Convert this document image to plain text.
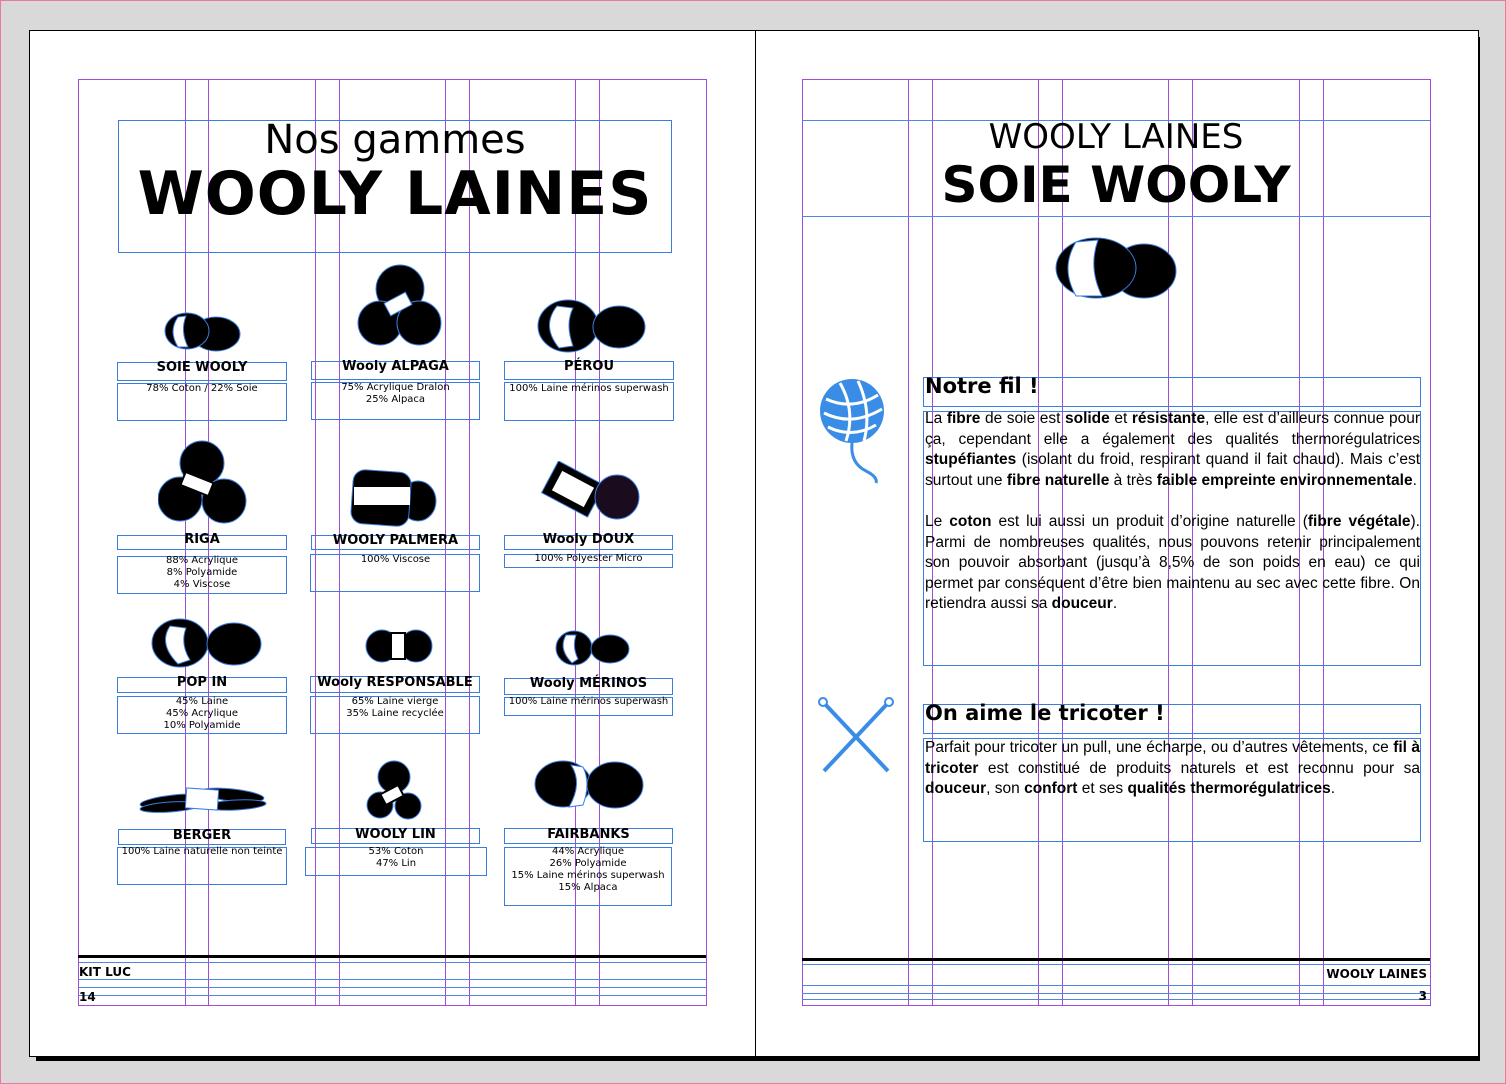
Nos gammes
WOOLY LAINES
SOIE WOOLY
78% Coton / 22% Soie
Wooly ALPAGA
75% Acrylique Dralon
25% Alpaca
PÉROU
100% Laine mérinos superwash
RIGA
88% Acrylique
8% Polyamide
4% Viscose
WOOLY PALMERA
100% Viscose
Wooly DOUX
100% Polyester Micro
POP IN
45% Laine
45% Acrylique
10% Polyamide
Wooly RESPONSABLE
65% Laine vierge
35% Laine recyclée
Wooly MÉRINOS
100% Laine mérinos superwash
BERGER
100% Laine naturelle non teinte
WOOLY LIN
53% Coton
47% Lin
FAIRBANKS
44% Acrylique
26% Polyamide
15% Laine mérinos superwash
15% Alpaca
KIT LUC
14
WOOLY LAINES
SOIE WOOLY
Notre fil !

La fibre de soie est solide et résistante, elle est d’ailleurs connue pour ça, cependant elle a également des qualités thermorégulatrices stupéfiantes (isolant du froid, respirant quand il fait chaud). Mais c’est surtout une fibre naturelle à très faible empreinte environnementale.

Le coton est lui aussi un produit d’origine naturelle (fibre végétale). Parmi de nombreuses qualités, nous pouvons retenir principalement son pouvoir absorbant (jusqu’à 8,5% de son poids en eau) ce qui permet par conséquent d’être bien maintenu au sec avec cette fibre. On retiendra aussi sa douceur.

On aime le tricoter !

Parfait pour tricoter un pull, une écharpe, ou d’autres vêtements, ce fil à tricoter est constitué de produits naturels et est reconnu pour sa douceur, son confort et ses qualités thermorégulatrices.

WOOLY LAINES
3
